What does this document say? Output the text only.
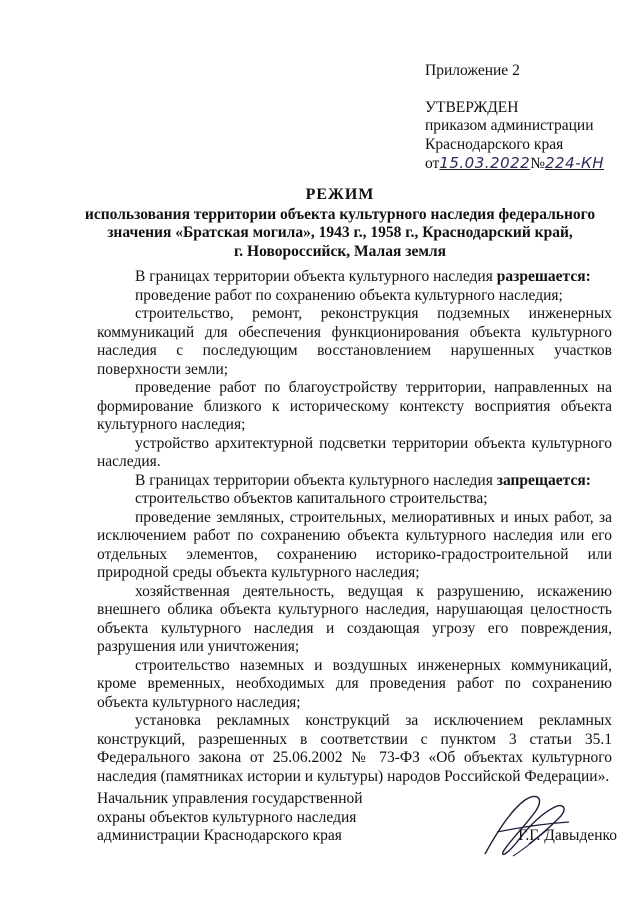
Приложение 2
УТВЕРЖДЕН
приказом администрации
Краснодарского края
от15.03.2022№224-КН
РЕЖИМ
использования территории объекта культурного наследия федерального
значения «Братская могила», 1943 г., 1958 г., Краснодарский край,
г. Новороссийск, Малая земля

В границах территории объекта культурного наследия разрешается:

проведение работ по сохранению объекта культурного наследия;

строительство, ремонт, реконструкция подземных инженерных коммуникаций для обеспечения функционирования объекта культурного наследия с последующим восстановлением нарушенных участков поверхности земли;

проведение работ по благоустройству территории, направленных на формирование близкого к историческому контексту восприятия объекта культурного наследия;

устройство архитектурной подсветки территории объекта культурного наследия.

В границах территории объекта культурного наследия запрещается:

строительство объектов капитального строительства;

проведение земляных, строительных, мелиоративных и иных работ, за исключением работ по сохранению объекта культурного наследия или его отдельных элементов, сохранению историко-градостроительной или природной среды объекта культурного наследия;

хозяйственная деятельность, ведущая к разрушению, искажению внешнего облика объекта культурного наследия, нарушающая целостность объекта культурного наследия и создающая угрозу его повреждения, разрушения или уничтожения;

строительство наземных и воздушных инженерных коммуникаций, кроме временных, необходимых для проведения работ по сохранению объекта культурного наследия;

установка рекламных конструкций за исключением рекламных конструкций, разрешенных в соответствии с пунктом 3 статьи 35.1 Федерального закона от 25.06.2002 № 73-ФЗ «Об объектах культурного наследия (памятниках истории и культуры) народов Российской Федерации».

Начальник управления государственной
охраны объектов культурного наследия
администрации Краснодарского края	Г.Г. Давыденко
